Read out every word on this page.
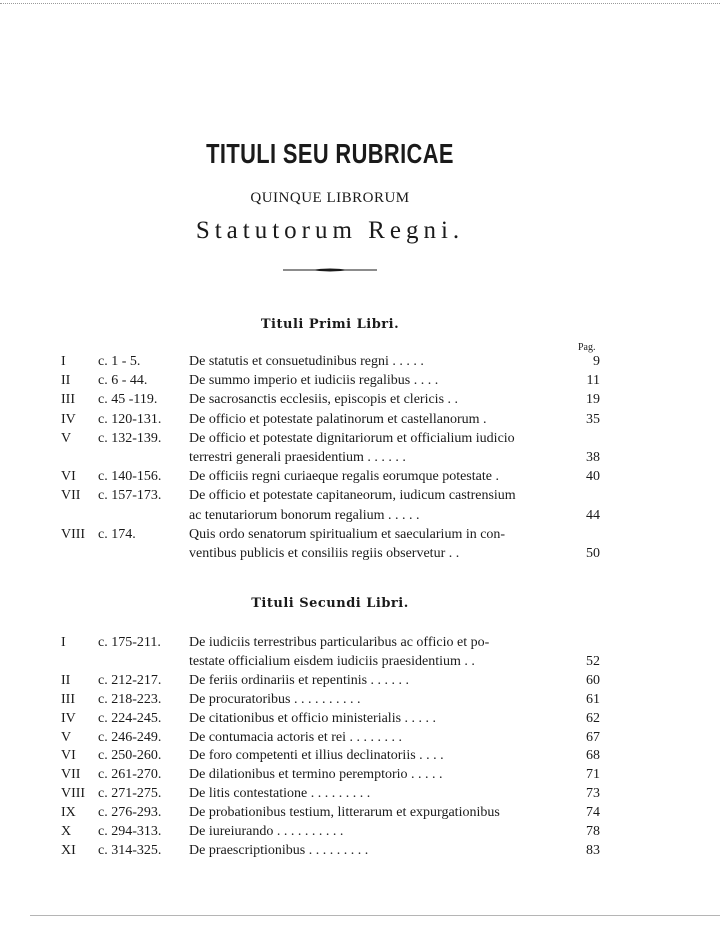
TITULI SEU RUBRICAE
QUINQUE LIBRORUM
Statutorum Regni.
Tituli Primi Libri.
Pag.
I c. 1 - 5.	De statutis et consuetudinibus regni . . . . .	9
II c. 6 - 44.	De summo imperio et iudiciis regalibus . . . .	11
III c. 45 -119. De sacrosanctis ecclesiis, episcopis et clericis . .	19
IV c. 120-131. De officio et potestate palatinorum et castellanorum .	35
V c. 132-139. De officio et potestate dignitariorum et officialium iudicio
terrestri generali praesidentium . . . . . .	38
VI c. 140-156. De officiis regni curiaeque regalis eorumque potestate .	40
VII c. 157-173. De officio et potestate capitaneorum, iudicum castrensium
ac tenutariorum bonorum regalium . . . . .	44
VIII c. 174.	Quis ordo senatorum spiritualium et saecularium in con-
ventibus publicis et consiliis regiis observetur . .	50
Tituli Secundi Libri.
I c. 175-211. De iudiciis terrestribus particularibus ac officio et po-
testate officialium eisdem iudiciis praesidentium . .	52
II c. 212-217. De feriis ordinariis et repentinis . . . . . .	60
III c. 218-223. De procuratoribus . . . . . . . . . .	61
IV c. 224-245. De citationibus et officio ministerialis . . . . .	62
V c. 246-249. De contumacia actoris et rei . . . . . . . .	67
VI c. 250-260. De foro competenti et illius declinatoriis . . . .	68
VII c. 261-270. De dilationibus et termino peremptorio . . . . .	71
VIII c. 271-275. De litis contestatione . . . . . . . . .	73
IX c. 276-293. De probationibus testium, litterarum et expurgationibus	74
X c. 294-313. De iureiurando . . . . . . . . . .	78
XI c. 314-325. De praescriptionibus . . . . . . . . .	83
